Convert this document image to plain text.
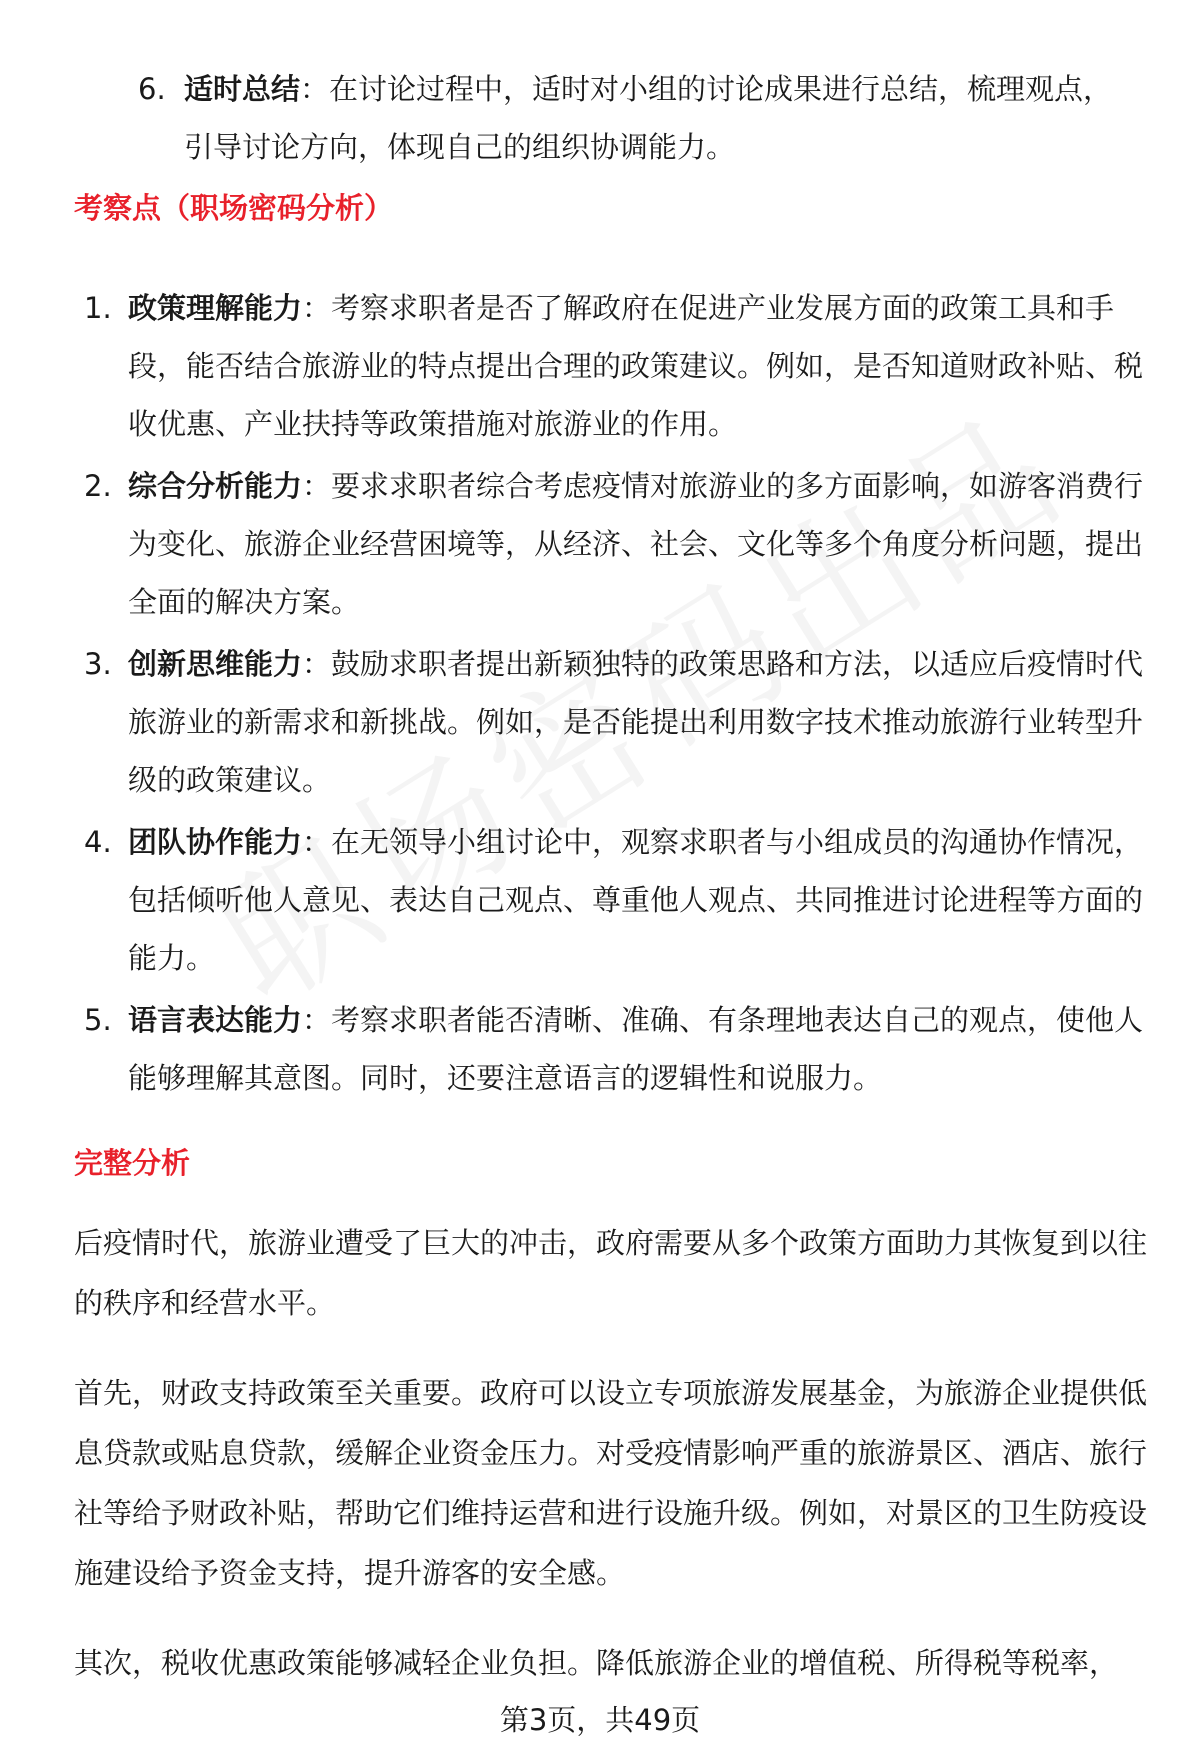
6. 适时总结：在讨论过程中，适时对小组的讨论成果进行总结，梳理观点，引导讨论方向，体现自己的组织协调能力。
考察点（职场密码分析）
1. 政策理解能力：考察求职者是否了解政府在促进产业发展方面的政策工具和手段，能否结合旅游业的特点提出合理的政策建议。例如，是否知道财政补贴、税收优惠、产业扶持等政策措施对旅游业的作用。
2. 综合分析能力：要求求职者综合考虑疫情对旅游业的多方面影响，如游客消费行为变化、旅游企业经营困境等，从经济、社会、文化等多个角度分析问题，提出全面的解决方案。
3. 创新思维能力：鼓励求职者提出新颖独特的政策思路和方法，以适应后疫情时代旅游业的新需求和新挑战。例如，是否能提出利用数字技术推动旅游行业转型升级的政策建议。
4. 团队协作能力：在无领导小组讨论中，观察求职者与小组成员的沟通协作情况，包括倾听他人意见、表达自己观点、尊重他人观点、共同推进讨论进程等方面的能力。
5. 语言表达能力：考察求职者能否清晰、准确、有条理地表达自己的观点，使他人能够理解其意图。同时，还要注意语言的逻辑性和说服力。
完整分析

后疫情时代，旅游业遭受了巨大的冲击，政府需要从多个政策方面助力其恢复到以往的秩序和经营水平。

首先，财政支持政策至关重要。政府可以设立专项旅游发展基金，为旅游企业提供低息贷款或贴息贷款，缓解企业资金压力。对受疫情影响严重的旅游景区、酒店、旅行社等给予财政补贴，帮助它们维持运营和进行设施升级。例如，对景区的卫生防疫设施建设给予资金支持，提升游客的安全感。

其次，税收优惠政策能够减轻企业负担。降低旅游企业的增值税、所得税等税率，

第3页，共49页
